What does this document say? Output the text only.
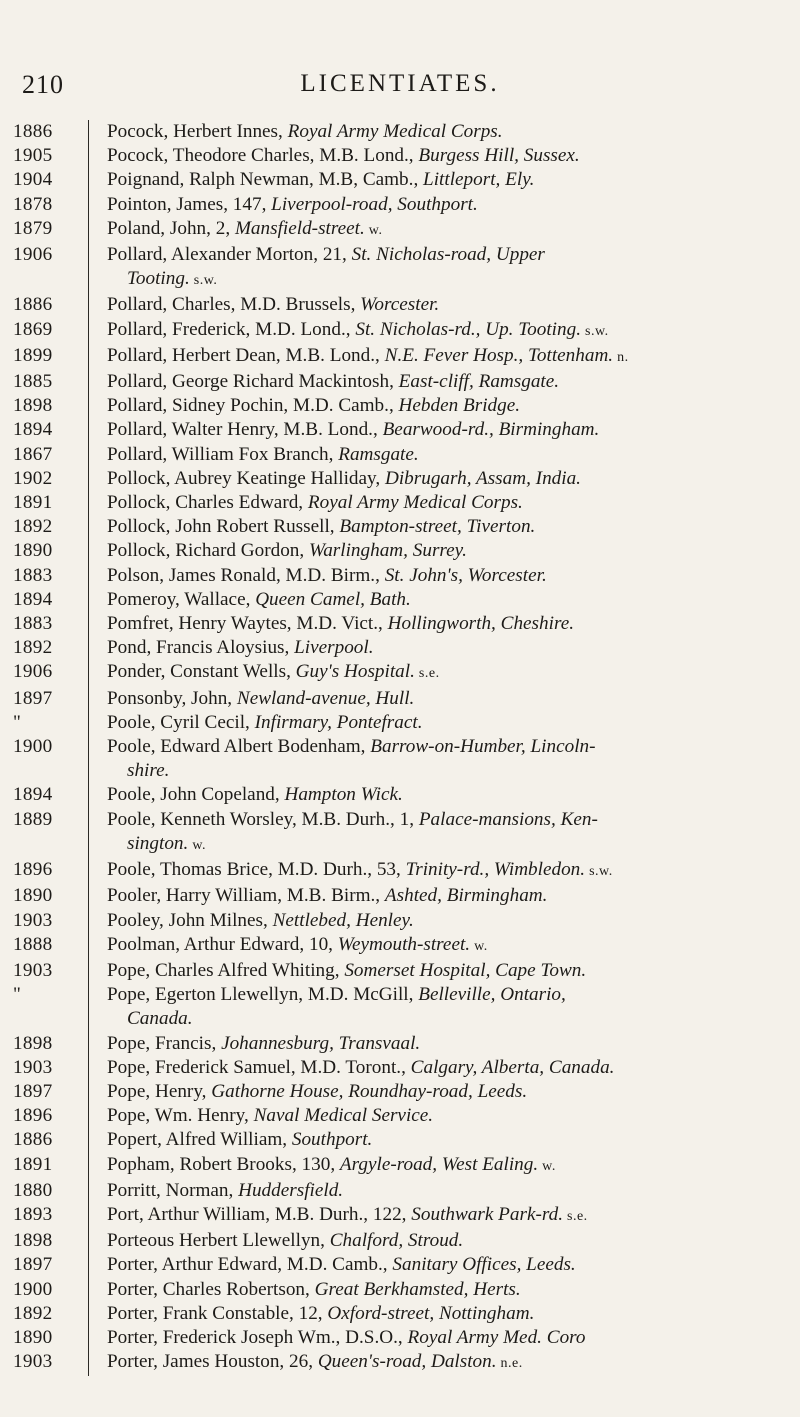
210	LICENTIATES.
1886	Pocock, Herbert Innes, Royal Army Medical Corps.
1905	Pocock, Theodore Charles, M.B. Lond., Burgess Hill, Sussex.
1904	Poignand, Ralph Newman, M.B, Camb., Littleport, Ely.
1878	Pointon, James, 147, Liverpool-road, Southport.
1879	Poland, John, 2, Mansfield-street. w.
1906	Pollard, Alexander Morton, 21, St. Nicholas-road, Upper
Tooting. s.w.
1886	Pollard, Charles, M.D. Brussels, Worcester.
1869	Pollard, Frederick, M.D. Lond., St. Nicholas-rd., Up. Tooting. s.w.
1899	Pollard, Herbert Dean, M.B. Lond., N.E. Fever Hosp., Tottenham. n.
1885	Pollard, George Richard Mackintosh, East-cliff, Ramsgate.
1898	Pollard, Sidney Pochin, M.D. Camb., Hebden Bridge.
1894	Pollard, Walter Henry, M.B. Lond., Bearwood-rd., Birmingham.
1867	Pollard, William Fox Branch, Ramsgate.
1902	Pollock, Aubrey Keatinge Halliday, Dibrugarh, Assam, India.
1891	Pollock, Charles Edward, Royal Army Medical Corps.
1892	Pollock, John Robert Russell, Bampton-street, Tiverton.
1890	Pollock, Richard Gordon, Warlingham, Surrey.
1883	Polson, James Ronald, M.D. Birm., St. John's, Worcester.
1894	Pomeroy, Wallace, Queen Camel, Bath.
1883	Pomfret, Henry Waytes, M.D. Vict., Hollingworth, Cheshire.
1892	Pond, Francis Aloysius, Liverpool.
1906	Ponder, Constant Wells, Guy's Hospital. s.e.
1897	Ponsonby, John, Newland-avenue, Hull.
"	Poole, Cyril Cecil, Infirmary, Pontefract.
1900	Poole, Edward Albert Bodenham, Barrow-on-Humber, Lincoln-
shire.
1894	Poole, John Copeland, Hampton Wick.
1889	Poole, Kenneth Worsley, M.B. Durh., 1, Palace-mansions, Ken-
sington. w.
1896	Poole, Thomas Brice, M.D. Durh., 53, Trinity-rd., Wimbledon. s.w.
1890	Pooler, Harry William, M.B. Birm., Ashted, Birmingham.
1903	Pooley, John Milnes, Nettlebed, Henley.
1888	Poolman, Arthur Edward, 10, Weymouth-street. w.
1903	Pope, Charles Alfred Whiting, Somerset Hospital, Cape Town.
"	Pope, Egerton Llewellyn, M.D. McGill, Belleville, Ontario,
Canada.
1898	Pope, Francis, Johannesburg, Transvaal.
1903	Pope, Frederick Samuel, M.D. Toront., Calgary, Alberta, Canada.
1897	Pope, Henry, Gathorne House, Roundhay-road, Leeds.
1896	Pope, Wm. Henry, Naval Medical Service.
1886	Popert, Alfred William, Southport.
1891	Popham, Robert Brooks, 130, Argyle-road, West Ealing. w.
1880	Porritt, Norman, Huddersfield.
1893	Port, Arthur William, M.B. Durh., 122, Southwark Park-rd. s.e.
1898	Porteous Herbert Llewellyn, Chalford, Stroud.
1897	Porter, Arthur Edward, M.D. Camb., Sanitary Offices, Leeds.
1900	Porter, Charles Robertson, Great Berkhamsted, Herts.
1892	Porter, Frank Constable, 12, Oxford-street, Nottingham.
1890	Porter, Frederick Joseph Wm., D.S.O., Royal Army Med. Coro
1903	Porter, James Houston, 26, Queen's-road, Dalston. n.e.
